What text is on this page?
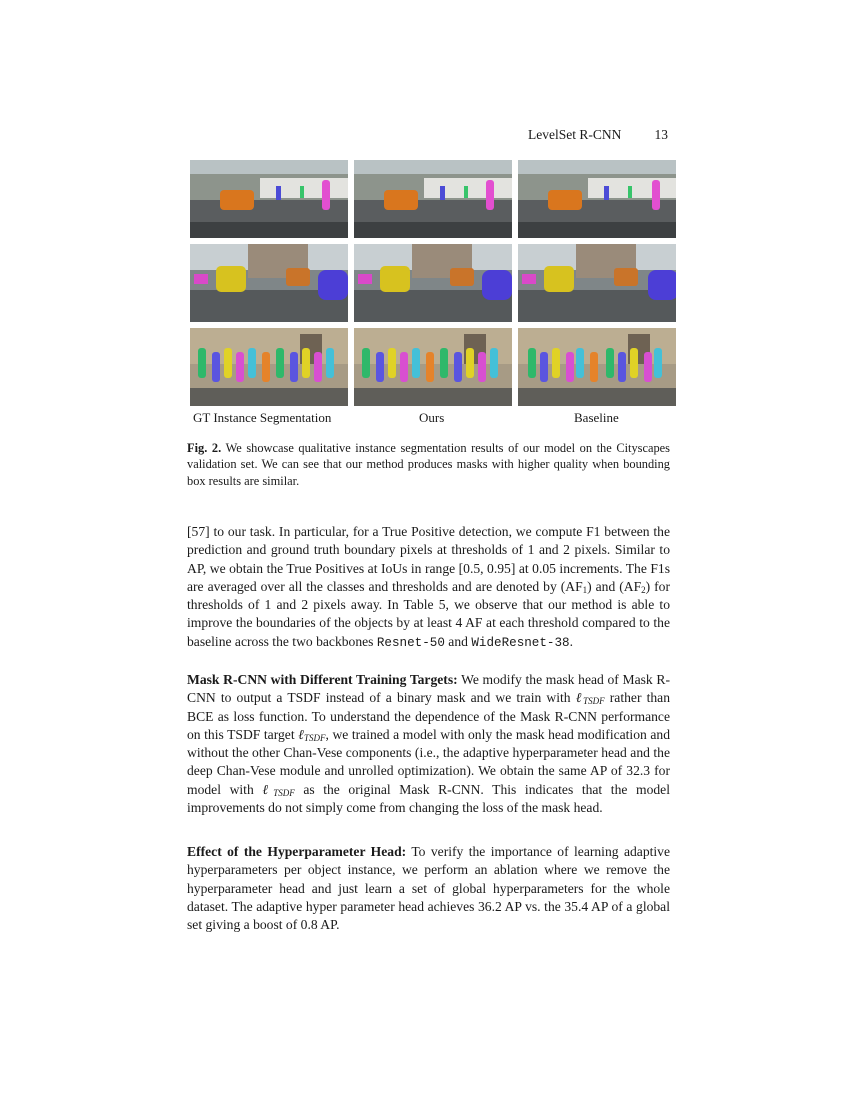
LevelSet R-CNN 13
GT Instance Segmentation	Ours	Baseline
Fig. 2. We showcase qualitative instance segmentation results of our model on the Cityscapes validation set. We can see that our method produces masks with higher quality when bounding box results are similar.

[57] to our task. In particular, for a True Positive detection, we compute F1 between the prediction and ground truth boundary pixels at thresholds of 1 and 2 pixels. Similar to AP, we obtain the True Positives at IoUs in range [0.5, 0.95] at 0.05 increments. The F1s are averaged over all the classes and thresholds and are denoted by $(AF_1)$ and $(AF_2)$ for thresholds of 1 and 2 pixels away. In Table 5, we observe that our method is able to improve the boundaries of the objects by at least 4 AF at each threshold compared to the baseline across the two backbones Resnet-50 and WideResnet-38.

Mask R-CNN with Different Training Targets: We modify the mask head of Mask R-CNN to output a TSDF instead of a binary mask and we train with ℓ$_{TSDF}$ rather than BCE as loss function. To understand the dependence of the Mask R-CNN performance on this TSDF target ℓ$_{TSDF}$, we trained a model with only the mask head modification and without the other Chan-Vese components (i.e., the adaptive hyperparameter head and the deep Chan-Vese module and unrolled optimization). We obtain the same AP of 32.3 for model with ℓ$_{TSDF}$ as the original Mask R-CNN. This indicates that the model improvements do not simply come from changing the loss of the mask head.

Effect of the Hyperparameter Head: To verify the importance of learning adaptive hyperparameters per object instance, we perform an ablation where we remove the hyperparameter head and just learn a set of global hyperparameters for the whole dataset. The adaptive hyper parameter head achieves 36.2 AP vs. the 35.4 AP of a global set giving a boost of 0.8 AP.
